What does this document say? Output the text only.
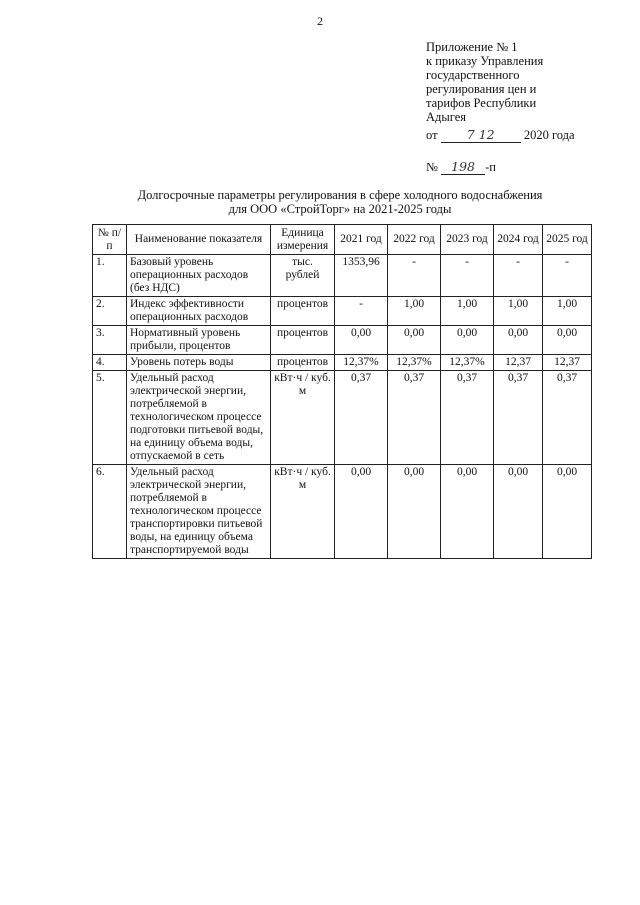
2
Приложение № 1
к приказу Управления
государственного
регулирования цен и
тарифов Республики
Адыгея
от 7 12 2020 года
№ 198 -п
Долгосрочные параметры регулирования в сфере холодного водоснабжения
для ООО «СтройТорг» на 2021-2025 годы
№ п/п	Наименование показателя	Единица измерения	2021 год	2022 год	2023 год	2024 год	2025 год
1.	Базовый уровень операционных расходов (без НДС)	тыс. рублей	1353,96	-	-	-	-
2.	Индекс эффективности операционных расходов	процентов	-	1,00	1,00	1,00	1,00
3.	Нормативный уровень прибыли, процентов	процентов	0,00	0,00	0,00	0,00	0,00
4.	Уровень потерь воды	процентов	12,37%	12,37%	12,37%	12,37	12,37
5.	Удельный расход электрической энергии, потребляемой в технологическом процессе подготовки питьевой воды, на единицу объема воды, отпускаемой в сеть	кВт·ч / куб. м	0,37	0,37	0,37	0,37	0,37
6.	Удельный расход электрической энергии, потребляемой в технологическом процессе транспортировки питьевой воды, на единицу объема транспортируемой воды	кВт·ч / куб. м	0,00	0,00	0,00	0,00	0,00
